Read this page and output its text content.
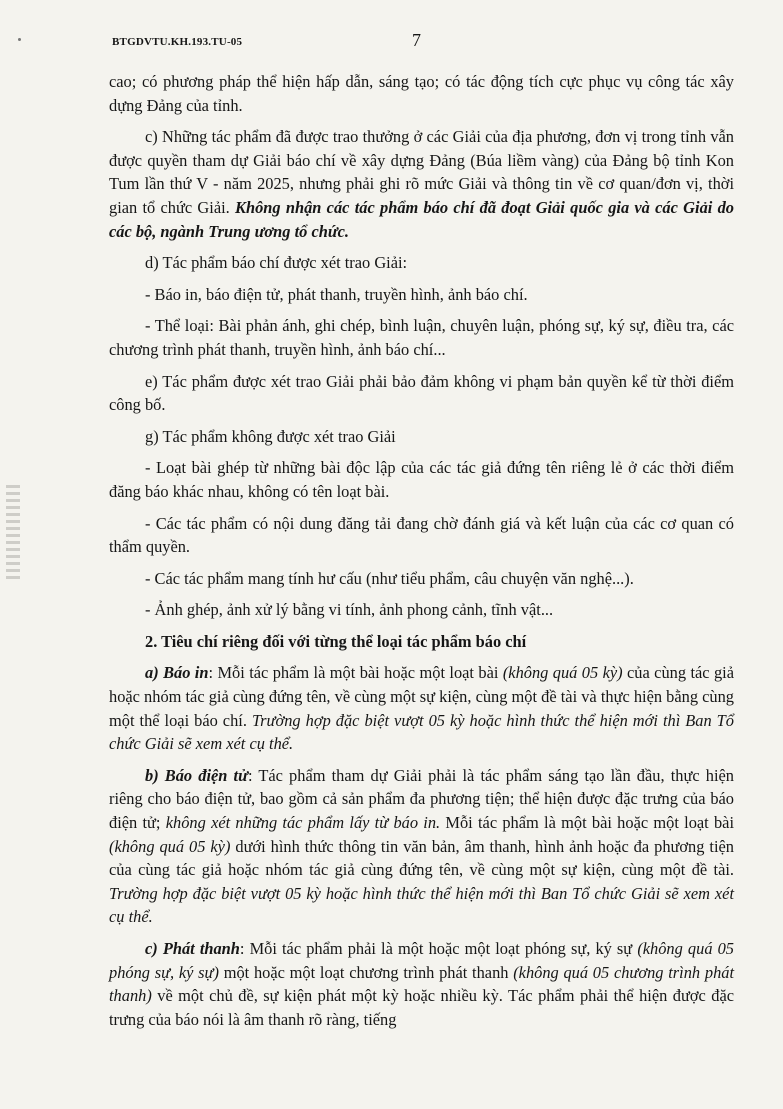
BTGDVTU.KH.193.TU-05	7

cao; có phương pháp thể hiện hấp dẫn, sáng tạo; có tác động tích cực phục vụ công tác xây dựng Đảng của tỉnh.

c) Những tác phẩm đã được trao thưởng ở các Giải của địa phương, đơn vị trong tỉnh vẫn được quyền tham dự Giải báo chí về xây dựng Đảng (Búa liềm vàng) của Đảng bộ tỉnh Kon Tum lần thứ V - năm 2025, nhưng phải ghi rõ mức Giải và thông tin về cơ quan/đơn vị, thời gian tổ chức Giải. Không nhận các tác phẩm báo chí đã đoạt Giải quốc gia và các Giải do các bộ, ngành Trung ương tổ chức.

d) Tác phẩm báo chí được xét trao Giải:

- Báo in, báo điện tử, phát thanh, truyền hình, ảnh báo chí.

- Thể loại: Bài phản ánh, ghi chép, bình luận, chuyên luận, phóng sự, ký sự, điều tra, các chương trình phát thanh, truyền hình, ảnh báo chí...

e) Tác phẩm được xét trao Giải phải bảo đảm không vi phạm bản quyền kể từ thời điểm công bố.

g) Tác phẩm không được xét trao Giải

- Loạt bài ghép từ những bài độc lập của các tác giả đứng tên riêng lẻ ở các thời điểm đăng báo khác nhau, không có tên loạt bài.

- Các tác phẩm có nội dung đăng tải đang chờ đánh giá và kết luận của các cơ quan có thẩm quyền.

- Các tác phẩm mang tính hư cấu (như tiểu phẩm, câu chuyện văn nghệ...).

- Ảnh ghép, ảnh xử lý bằng vi tính, ảnh phong cảnh, tĩnh vật...

2. Tiêu chí riêng đối với từng thể loại tác phẩm báo chí

a) Báo in: Mỗi tác phẩm là một bài hoặc một loạt bài (không quá 05 kỳ) của cùng tác giả hoặc nhóm tác giả cùng đứng tên, về cùng một sự kiện, cùng một đề tài và thực hiện bằng cùng một thể loại báo chí. Trường hợp đặc biệt vượt 05 kỳ hoặc hình thức thể hiện mới thì Ban Tổ chức Giải sẽ xem xét cụ thể.

b) Báo điện tử: Tác phẩm tham dự Giải phải là tác phẩm sáng tạo lần đầu, thực hiện riêng cho báo điện tử, bao gồm cả sản phẩm đa phương tiện; thể hiện được đặc trưng của báo điện tử; không xét những tác phẩm lấy từ báo in. Mỗi tác phẩm là một bài hoặc một loạt bài (không quá 05 kỳ) dưới hình thức thông tin văn bản, âm thanh, hình ảnh hoặc đa phương tiện của cùng tác giả hoặc nhóm tác giả cùng đứng tên, về cùng một sự kiện, cùng một đề tài. Trường hợp đặc biệt vượt 05 kỳ hoặc hình thức thể hiện mới thì Ban Tổ chức Giải sẽ xem xét cụ thể.

c) Phát thanh: Mỗi tác phẩm phải là một hoặc một loạt phóng sự, ký sự (không quá 05 phóng sự, ký sự) một hoặc một loạt chương trình phát thanh (không quá 05 chương trình phát thanh) về một chủ đề, sự kiện phát một kỳ hoặc nhiều kỳ. Tác phẩm phải thể hiện được đặc trưng của báo nói là âm thanh rõ ràng, tiếng
